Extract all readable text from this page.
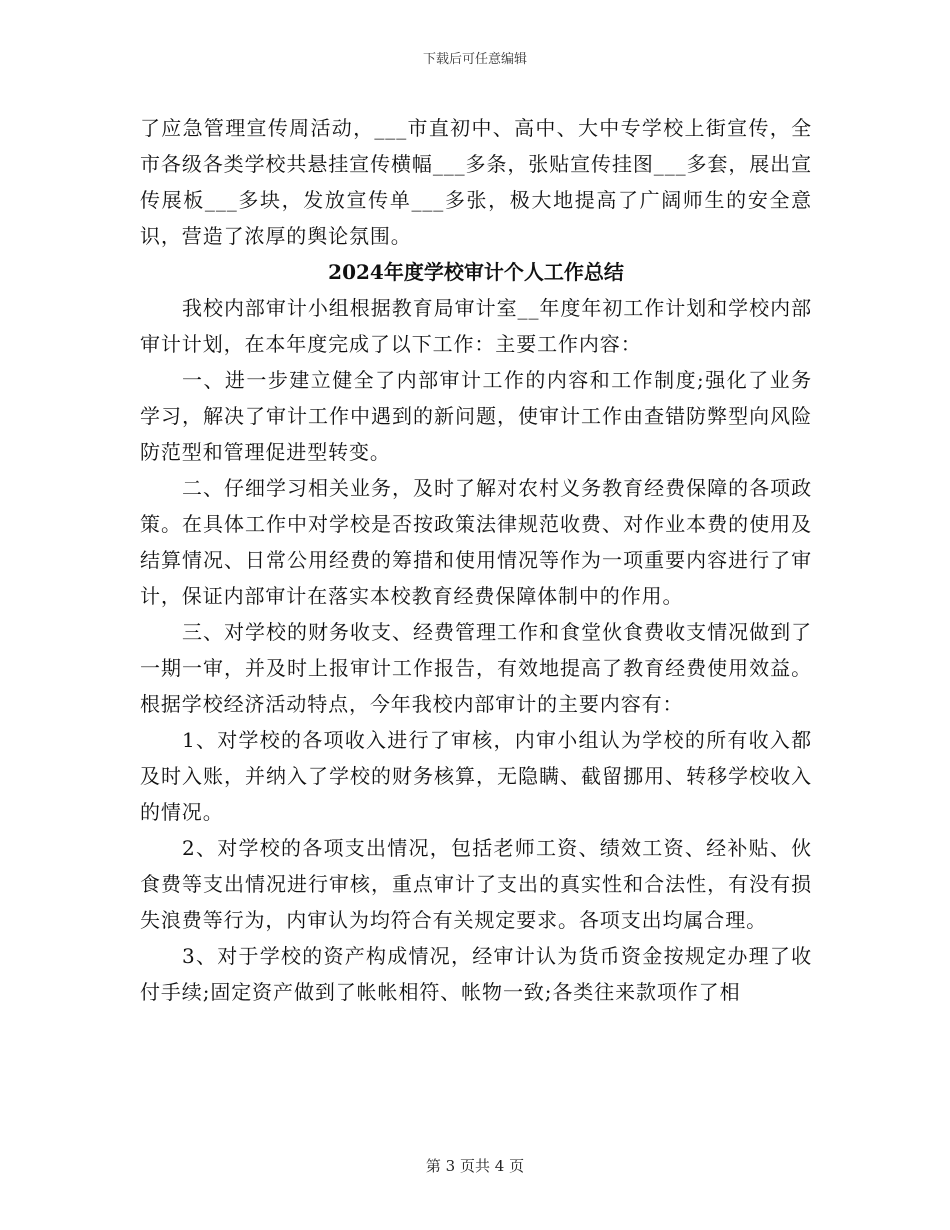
下载后可任意编辑

了应急管理宣传周活动，___市直初中、高中、大中专学校上街宣传，全市各级各类学校共悬挂宣传横幅___多条，张贴宣传挂图___多套，展出宣传展板___多块，发放宣传单___多张，极大地提高了广阔师生的安全意识，营造了浓厚的舆论氛围。

2024年度学校审计个人工作总结

我校内部审计小组根据教育局审计室__年度年初工作计划和学校内部审计计划，在本年度完成了以下工作：主要工作内容：

一、进一步建立健全了内部审计工作的内容和工作制度;强化了业务学习，解决了审计工作中遇到的新问题，使审计工作由查错防弊型向风险防范型和管理促进型转变。

二、仔细学习相关业务，及时了解对农村义务教育经费保障的各项政策。在具体工作中对学校是否按政策法律规范收费、对作业本费的使用及结算情况、日常公用经费的筹措和使用情况等作为一项重要内容进行了审计，保证内部审计在落实本校教育经费保障体制中的作用。

三、对学校的财务收支、经费管理工作和食堂伙食费收支情况做到了一期一审，并及时上报审计工作报告，有效地提高了教育经费使用效益。根据学校经济活动特点，今年我校内部审计的主要内容有：

1、对学校的各项收入进行了审核，内审小组认为学校的所有收入都及时入账，并纳入了学校的财务核算，无隐瞒、截留挪用、转移学校收入的情况。

2、对学校的各项支出情况，包括老师工资、绩效工资、经补贴、伙食费等支出情况进行审核，重点审计了支出的真实性和合法性，有没有损失浪费等行为，内审认为均符合有关规定要求。各项支出均属合理。

3、对于学校的资产构成情况，经审计认为货币资金按规定办理了收付手续;固定资产做到了帐帐相符、帐物一致;各类往来款项作了相

第 3 页共 4 页
